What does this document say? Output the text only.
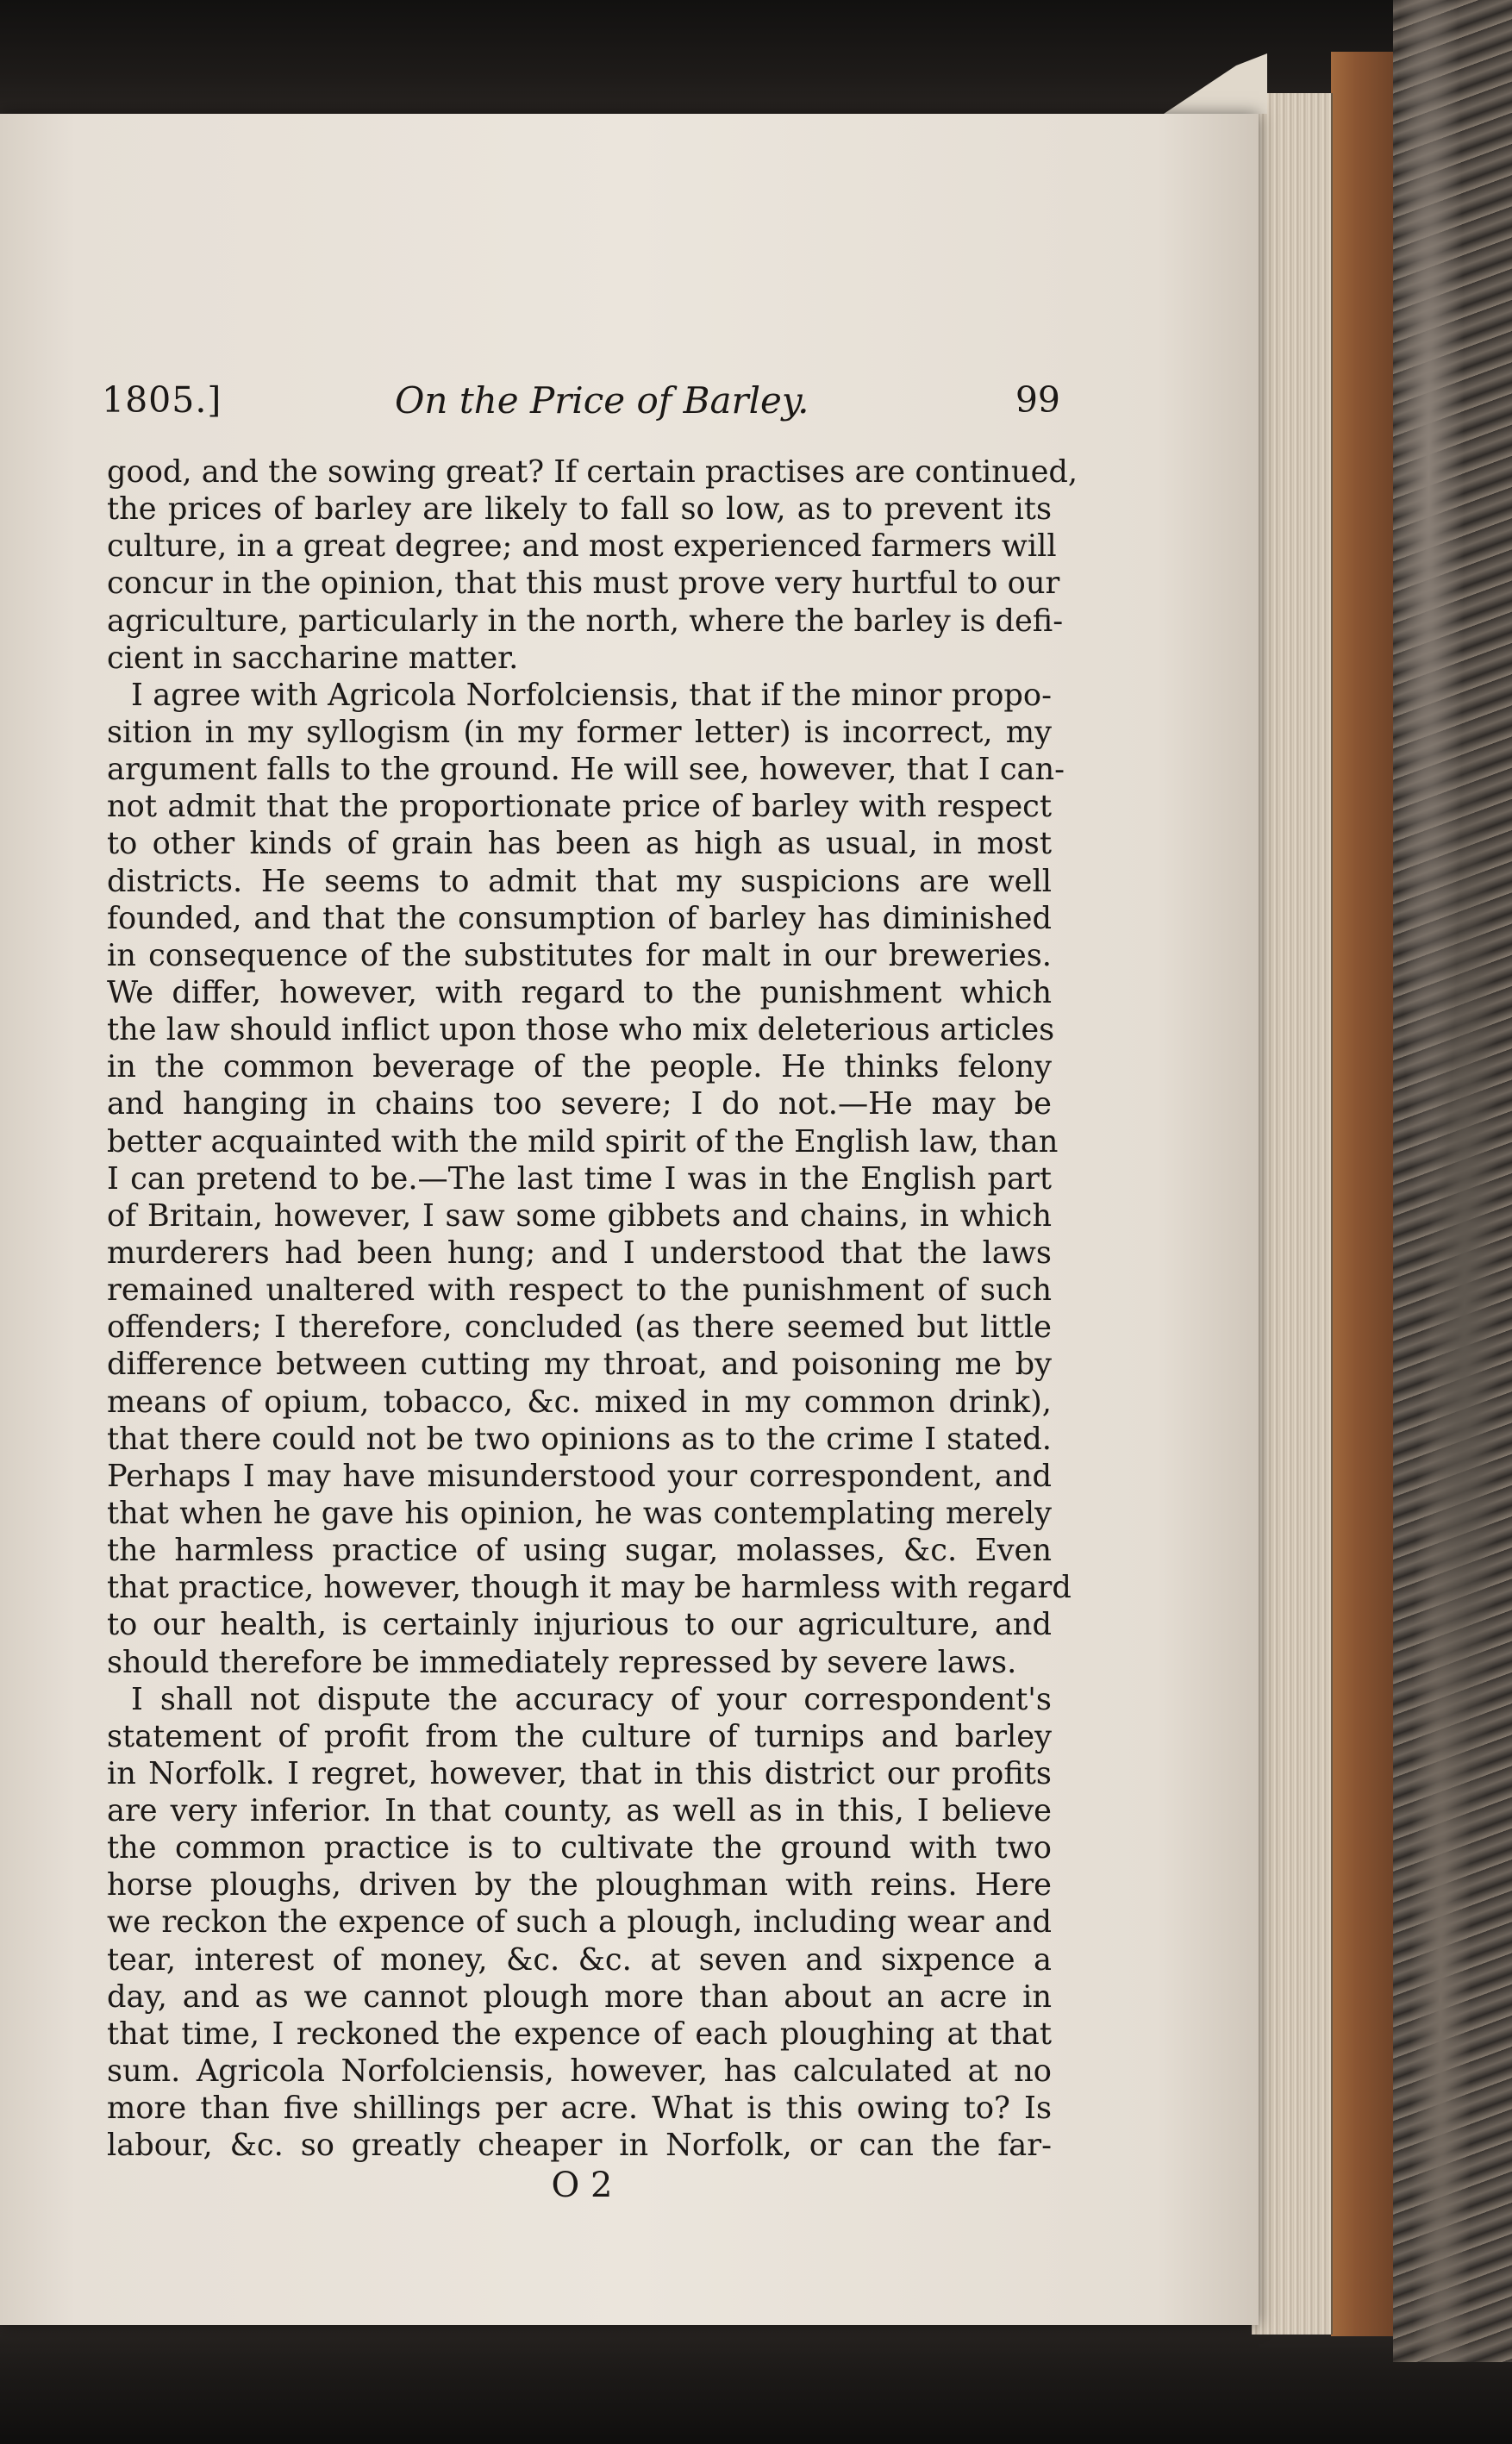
1805.]	On the Price of Barley.	99
good, and the sowing great? If certain practises are continued,
the prices of barley are likely to fall so low, as to prevent its
culture, in a great degree; and most experienced farmers will
concur in the opinion, that this must prove very hurtful to our
agriculture, particularly in the north, where the barley is defi-
cient in saccharine matter.
I agree with Agricola Norfolciensis, that if the minor propo-
sition in my syllogism (in my former letter) is incorrect, my
argument falls to the ground. He will see, however, that I can-
not admit that the proportionate price of barley with respect
to other kinds of grain has been as high as usual, in most
districts. He seems to admit that my suspicions are well
founded, and that the consumption of barley has diminished
in consequence of the substitutes for malt in our breweries.
We differ, however, with regard to the punishment which
the law should inflict upon those who mix deleterious articles
in the common beverage of the people. He thinks felony
and hanging in chains too severe; I do not.—He may be
better acquainted with the mild spirit of the English law, than
I can pretend to be.—The last time I was in the English part
of Britain, however, I saw some gibbets and chains, in which
murderers had been hung; and I understood that the laws
remained unaltered with respect to the punishment of such
offenders; I therefore, concluded (as there seemed but little
difference between cutting my throat, and poisoning me by
means of opium, tobacco, &c. mixed in my common drink),
that there could not be two opinions as to the crime I stated.
Perhaps I may have misunderstood your correspondent, and
that when he gave his opinion, he was contemplating merely
the harmless practice of using sugar, molasses, &c. Even
that practice, however, though it may be harmless with regard
to our health, is certainly injurious to our agriculture, and
should therefore be immediately repressed by severe laws.
I shall not dispute the accuracy of your correspondent's
statement of profit from the culture of turnips and barley
in Norfolk. I regret, however, that in this district our profits
are very inferior. In that county, as well as in this, I believe
the common practice is to cultivate the ground with two
horse ploughs, driven by the ploughman with reins. Here
we reckon the expence of such a plough, including wear and
tear, interest of money, &c. &c. at seven and sixpence a
day, and as we cannot plough more than about an acre in
that time, I reckoned the expence of each ploughing at that
sum. Agricola Norfolciensis, however, has calculated at no
more than five shillings per acre. What is this owing to? Is
labour, &c. so greatly cheaper in Norfolk, or can the far-
O 2
